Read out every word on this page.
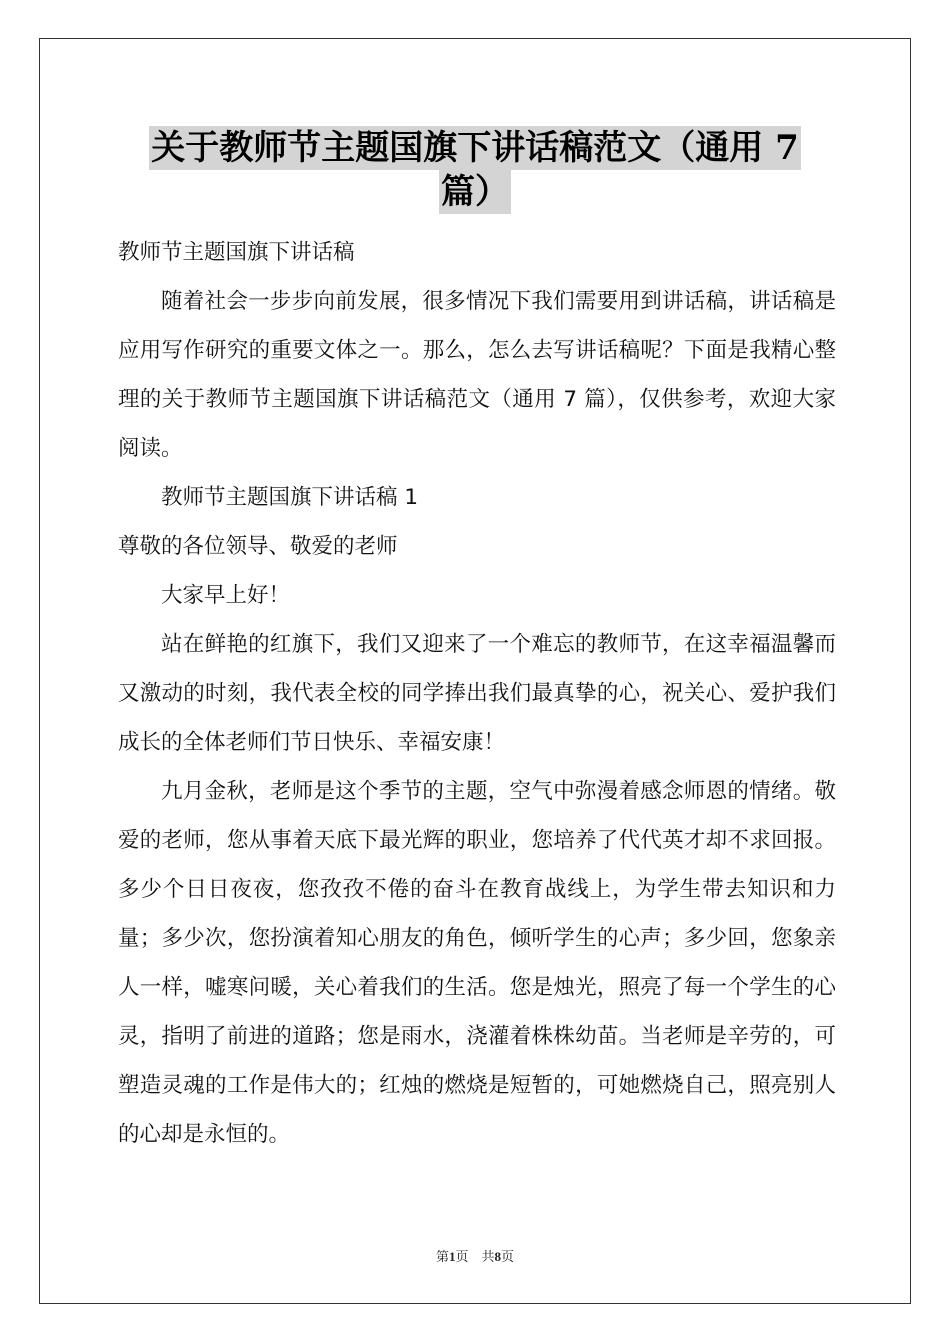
关于教师节主题国旗下讲话稿范文（通用 7
篇）

教师节主题国旗下讲话稿

随着社会一步步向前发展，很多情况下我们需要用到讲话稿，讲话稿是应用写作研究的重要文体之一。那么，怎么去写讲话稿呢？下面是我精心整理的关于教师节主题国旗下讲话稿范文（通用 7 篇），仅供参考，欢迎大家阅读。

教师节主题国旗下讲话稿 1

尊敬的各位领导、敬爱的老师

大家早上好！

站在鲜艳的红旗下，我们又迎来了一个难忘的教师节，在这幸福温馨而又激动的时刻，我代表全校的同学捧出我们最真挚的心，祝关心、爱护我们成长的全体老师们节日快乐、幸福安康！

九月金秋，老师是这个季节的主题，空气中弥漫着感念师恩的情绪。敬爱的老师，您从事着天底下最光辉的职业，您培养了代代英才却不求回报。多少个日日夜夜，您孜孜不倦的奋斗在教育战线上，为学生带去知识和力量；多少次，您扮演着知心朋友的角色，倾听学生的心声；多少回，您象亲人一样，嘘寒问暖，关心着我们的生活。您是烛光，照亮了每一个学生的心灵，指明了前进的道路；您是雨水，浇灌着株株幼苗。当老师是辛劳的，可塑造灵魂的工作是伟大的；红烛的燃烧是短暂的，可她燃烧自己，照亮别人的心却是永恒的。

第1页 共8页
